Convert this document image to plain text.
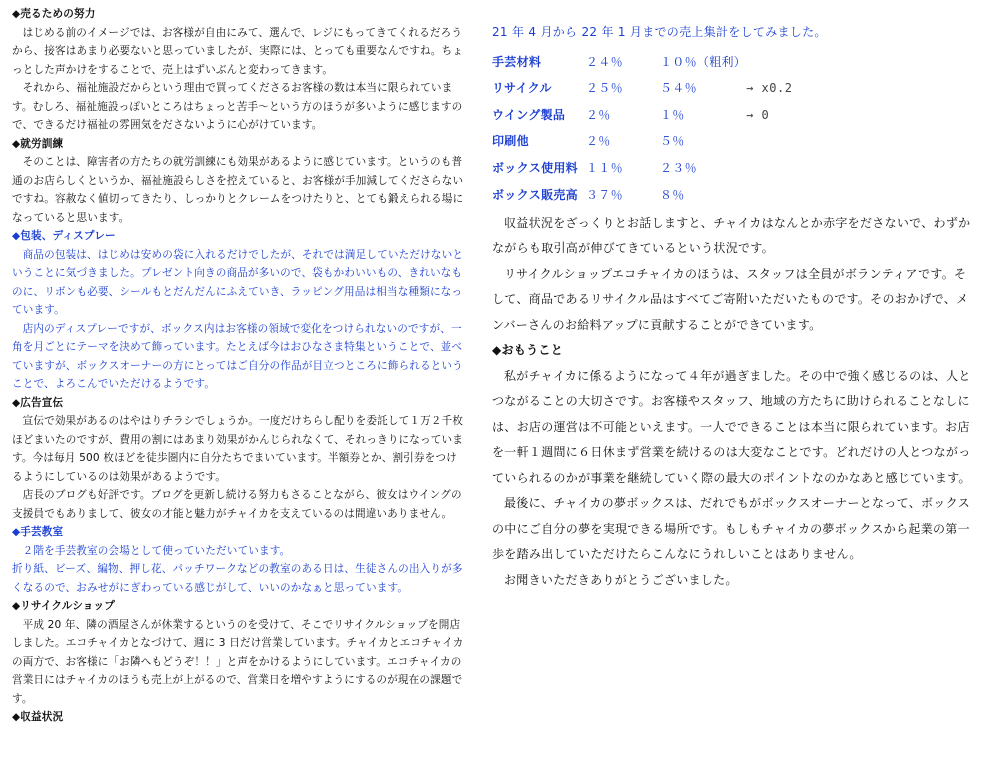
◆売るための努力

はじめる前のイメージでは、お客様が自由にみて、選んで、レジにもってきてくれるだろうから、接客はあまり必要ないと思っていましたが、実際には、とっても重要なんですね。ちょっとした声かけをすることで、売上はずいぶんと変わってきます。

それから、福祉施設だからという理由で買ってくださるお客様の数は本当に限られています。むしろ、福祉施設っぽいところはちょっと苦手～という方のほうが多いように感じますので、できるだけ福祉の雰囲気をださないように心がけています。

◆就労訓練

そのことは、障害者の方たちの就労訓練にも効果があるように感じています。というのも普通のお店らしくというか、福祉施設らしさを控えていると、お客様が手加減してくださらないですね。容赦なく値切ってきたり、しっかりとクレームをつけたりと、とても鍛えられる場になっていると思います。

◆包装、ディスプレー

商品の包装は、はじめは安めの袋に入れるだけでしたが、それでは満足していただけないということに気づきました。プレゼント向きの商品が多いので、袋もかわいいもの、きれいなものに、リボンも必要、シールもとだんだんにふえていき、ラッピング用品は相当な種類になっています。

店内のディスプレーですが、ボックス内はお客様の領域で変化をつけられないのですが、一角を月ごとにテーマを決めて飾っています。たとえば今はおひなさま特集ということで、並べていますが、ボックスオーナーの方にとってはご自分の作品が目立つところに飾られるということで、よろこんでいただけるようです。

◆広告宣伝

宣伝で効果があるのはやはりチラシでしょうか。一度だけちらし配りを委託して１万２千枚ほどまいたのですが、費用の割にはあまり効果がかんじられなくて、それっきりになっています。今は毎月 500 枚ほどを徒歩圏内に自分たちでまいています。半額券とか、割引券をつけるようにしているのは効果があるようです。

店長のブログも好評です。ブログを更新し続ける努力もさることながら、彼女はウイングの支援員でもありまして、彼女の才能と魅力がチャイカを支えているのは間違いありません。

◆手芸教室

２階を手芸教室の会場として使っていただいています。

折り紙、ビーズ、編物、押し花、パッチワークなどの教室のある日は、生徒さんの出入りが多くなるので、おみせがにぎわっている感じがして、いいのかなぁと思っています。

◆リサイクルショップ

平成 20 年、隣の酒屋さんが休業するというのを受けて、そこでリサイクルショップを開店しました。エコチャイカとなづけて、週に 3 日だけ営業しています。チャイカとエコチャイカの両方で、お客様に「お隣へもどうぞ！！」と声をかけるようにしています。エコチャイカの営業日にはチャイカのほうも売上が上がるので、営業日を増やすようにするのが現在の課題です。

◆収益状況

21 年 4 月から 22 年 1 月までの売上集計をしてみました。

手芸材料	２４％	１０％（粗利）	
リサイクル	２５％	５４％	→ x0.2
ウイング製品	２％	１％	→ 0
印刷他	２％	５％	
ボックス使用料	１１％	２３％	
ボックス販売高	３７％	８％	

収益状況をざっくりとお話しますと、チャイカはなんとか赤字をださないで、わずかながらも取引高が伸びてきているという状況です。

リサイクルショップエコチャイカのほうは、スタッフは全員がボランティアです。そして、商品であるリサイクル品はすべてご寄附いただいたものです。そのおかげで、メンバーさんのお給料アップに貢献することができています。

◆おもうこと

私がチャイカに係るようになって４年が過ぎました。その中で強く感じるのは、人とつながることの大切さです。お客様やスタッフ、地域の方たちに助けられることなしには、お店の運営は不可能といえます。一人でできることは本当に限られています。お店を一軒１週間に６日休まず営業を続けるのは大変なことです。どれだけの人とつながっていられるのかが事業を継続していく際の最大のポイントなのかなあと感じています。

最後に、チャイカの夢ボックスは、だれでもがボックスオーナーとなって、ボックスの中にご自分の夢を実現できる場所です。もしもチャイカの夢ボックスから起業の第一歩を踏み出していただけたらこんなにうれしいことはありません。

お聞きいただきありがとうございました。
